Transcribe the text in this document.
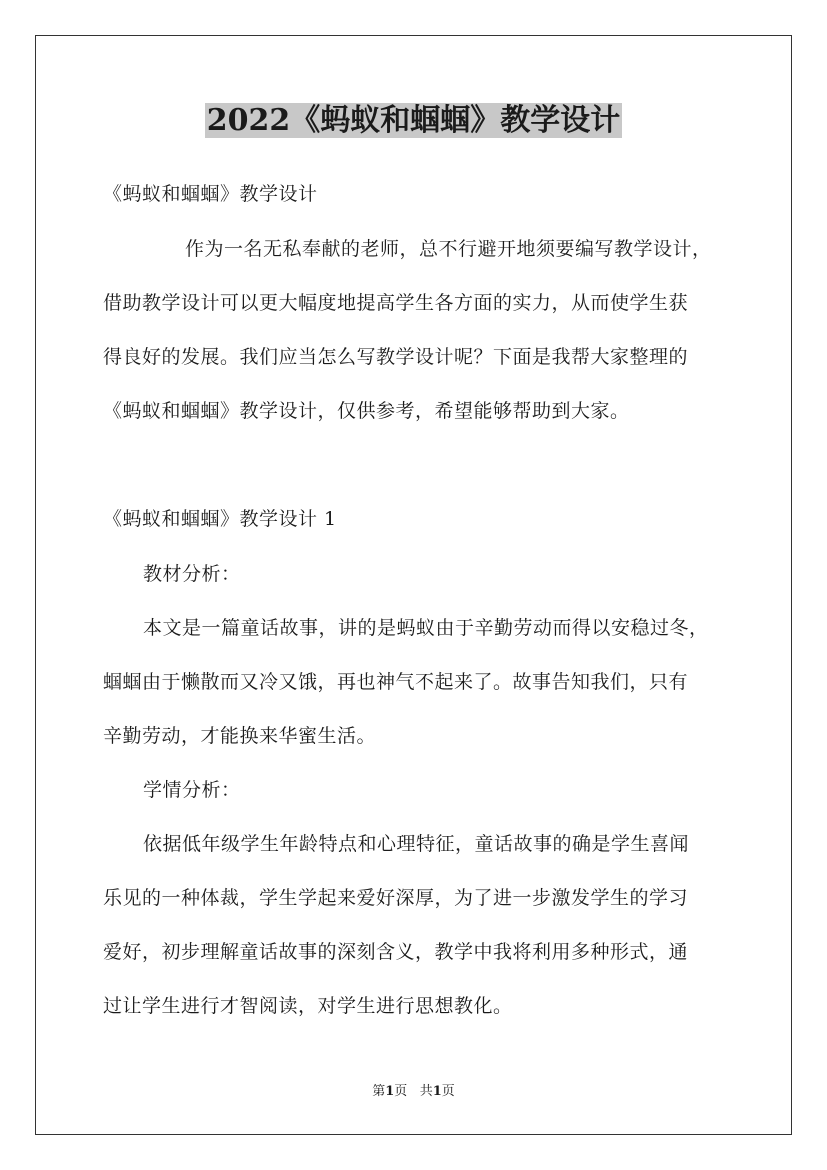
2022《蚂蚁和蝈蝈》教学设计
《蚂蚁和蝈蝈》教学设计
作为一名无私奉献的老师，总不行避开地须要编写教学设计，
借助教学设计可以更大幅度地提高学生各方面的实力，从而使学生获
得良好的发展。我们应当怎么写教学设计呢？下面是我帮大家整理的
《蚂蚁和蝈蝈》教学设计，仅供参考，希望能够帮助到大家。
《蚂蚁和蝈蝈》教学设计 1
教材分析：
本文是一篇童话故事，讲的是蚂蚁由于辛勤劳动而得以安稳过冬，
蝈蝈由于懒散而又冷又饿，再也神气不起来了。故事告知我们，只有
辛勤劳动，才能换来华蜜生活。
学情分析：
依据低年级学生年龄特点和心理特征，童话故事的确是学生喜闻
乐见的一种体裁，学生学起来爱好深厚，为了进一步激发学生的学习
爱好，初步理解童话故事的深刻含义，教学中我将利用多种形式，通
过让学生进行才智阅读，对学生进行思想教化。
第1页 共1页
